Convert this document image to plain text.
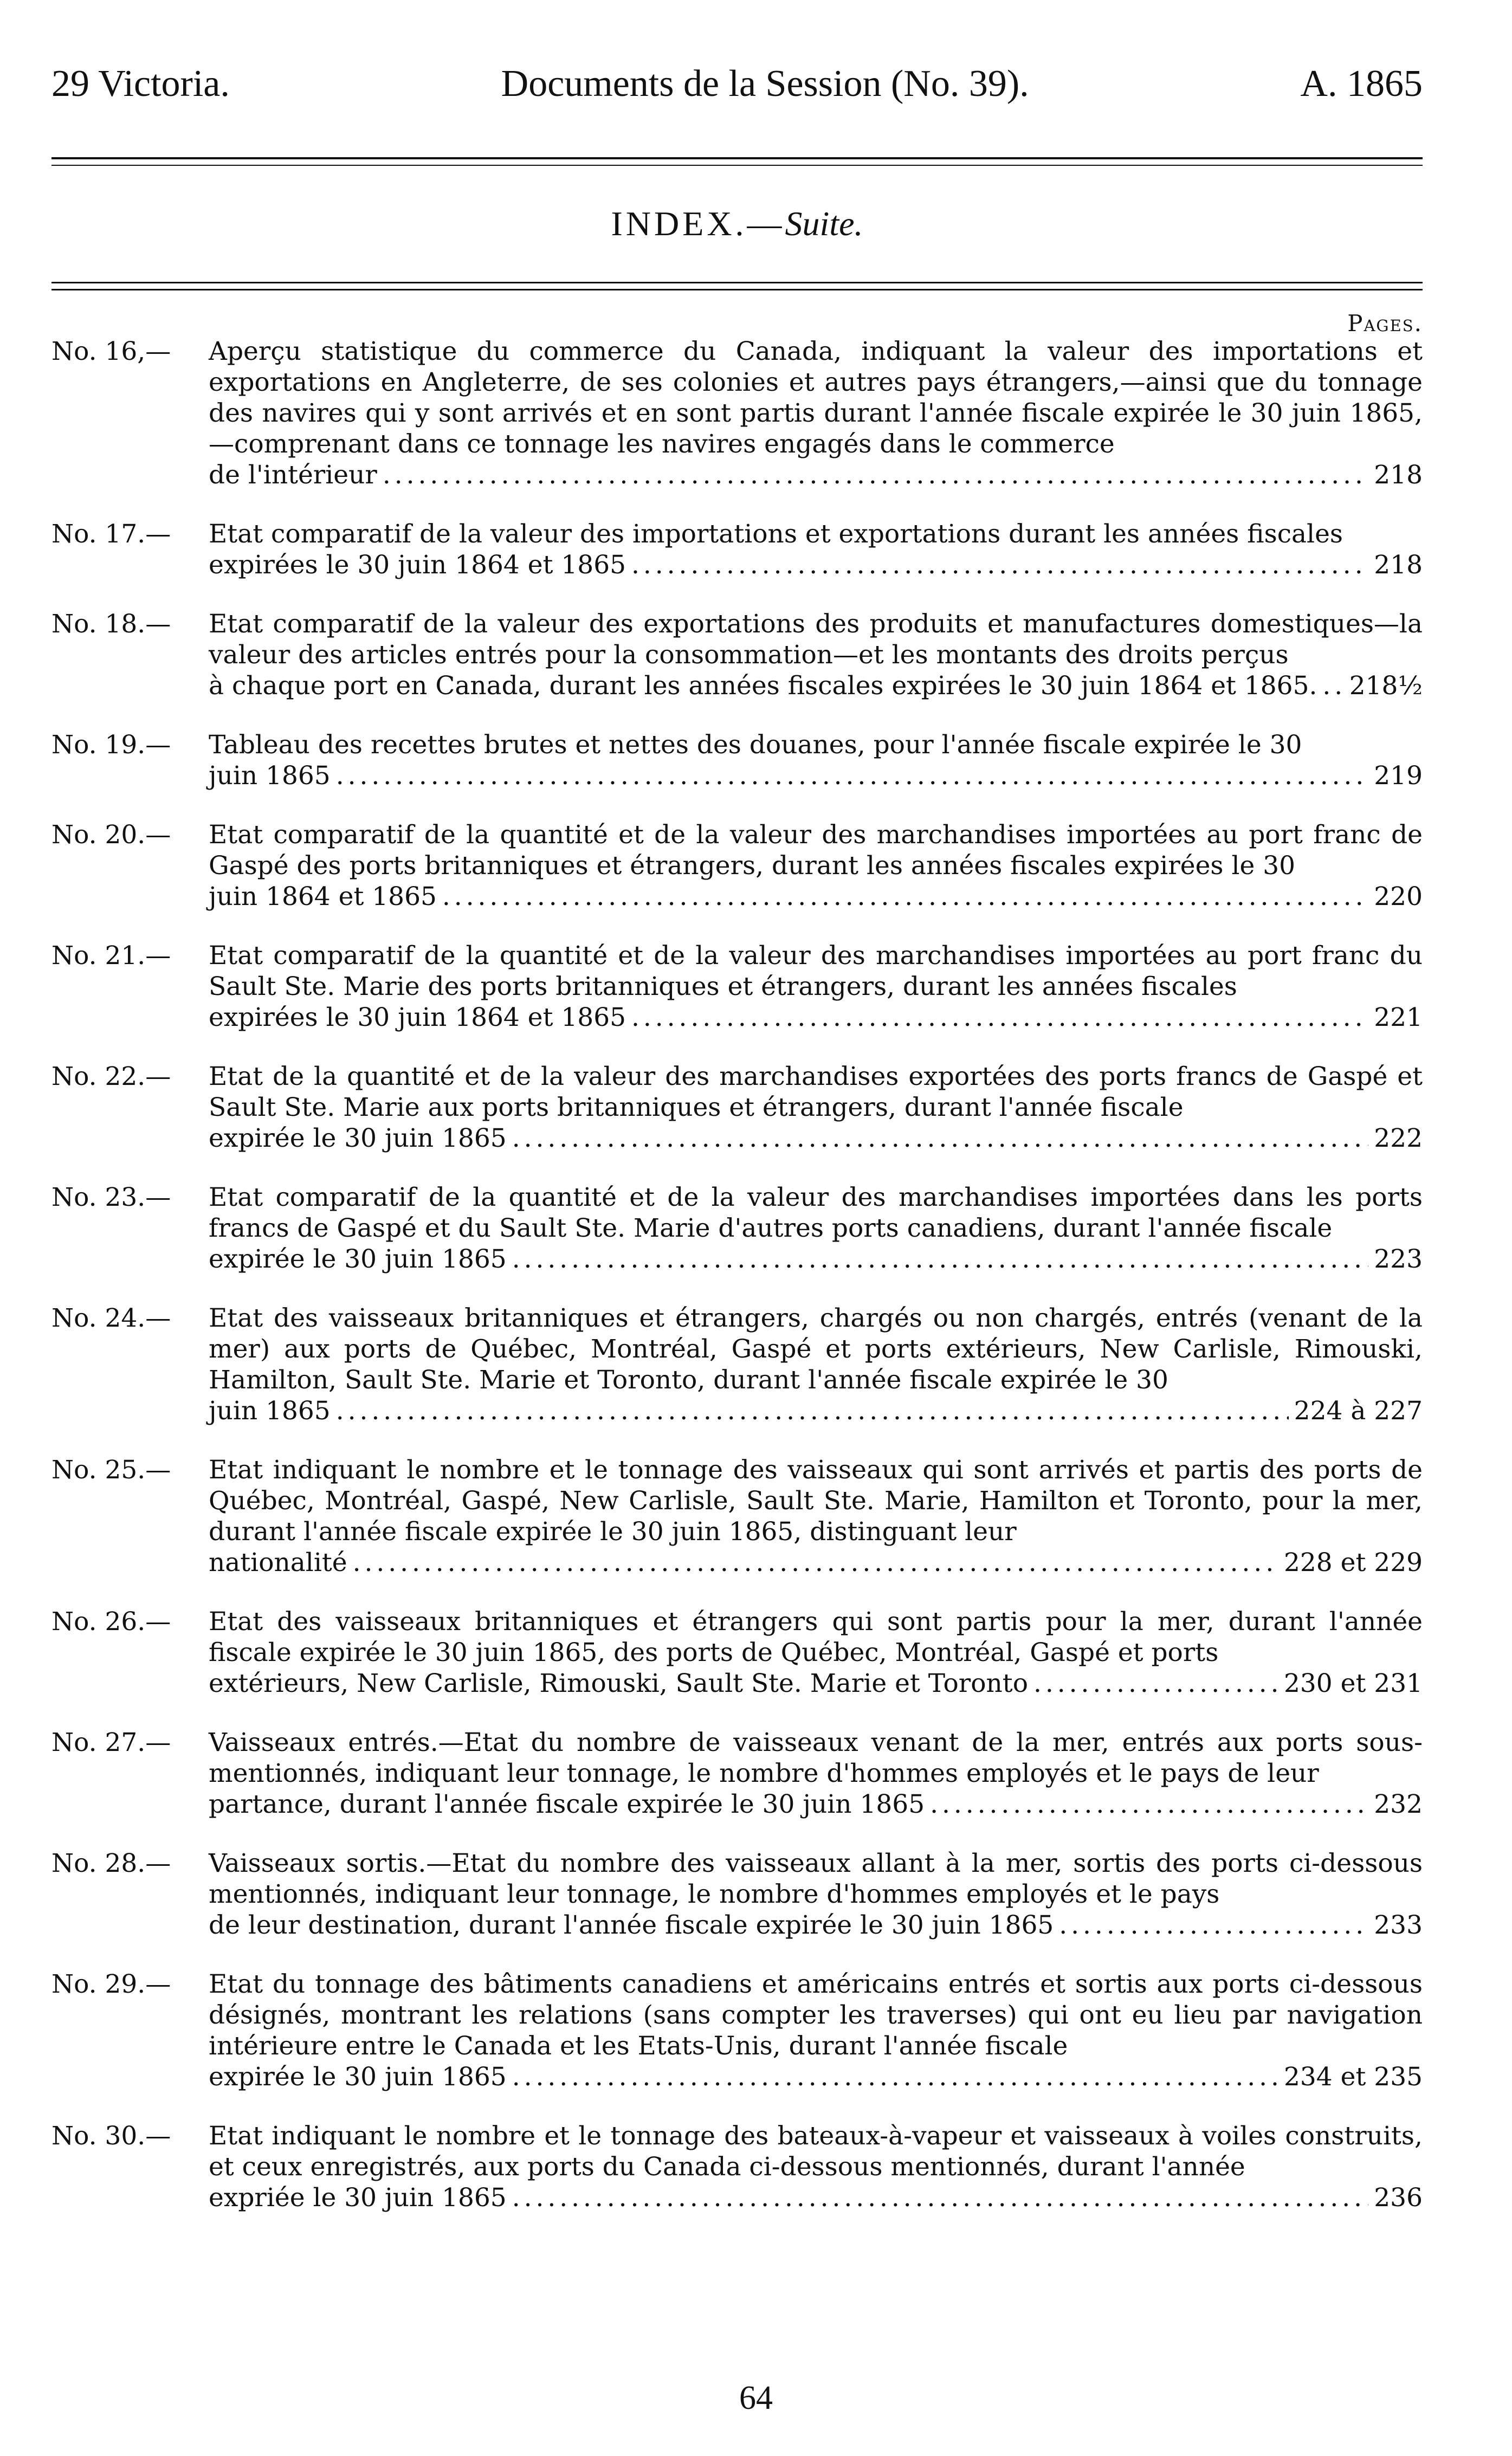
29 Victoria.	Documents de la Session (No. 39).	A. 1865
INDEX.—Suite.
Pages.
No. 16,— Aperçu statistique du commerce du Canada, indiquant la valeur des importations et exportations en Angleterre, de ses colonies et autres pays étrangers,—ainsi que du tonnage des navires qui y sont arrivés et en sont partis durant l'année fiscale expirée le 30 juin 1865,—comprenant dans ce tonnage les navires engagés dans le commerce
de l'intérieur . . .	218
No. 17.— Etat comparatif de la valeur des importations et exportations durant les années fiscales
expirées le 30 juin 1864 et 1865 . . .	218
No. 18.— Etat comparatif de la valeur des exportations des produits et manufactures domestiques—la valeur des articles entrés pour la consommation—et les montants des droits perçus
à chaque port en Canada, durant les années fiscales expirées le 30 juin 1864 et 1865. . . . 218½
No. 19.— Tableau des recettes brutes et nettes des douanes, pour l'année fiscale expirée le 30
juin 1865 . . .	219
No. 20.— Etat comparatif de la quantité et de la valeur des marchandises importées au port franc de Gaspé des ports britanniques et étrangers, durant les années fiscales expirées le 30
juin 1864 et 1865 . . .	220
No. 21.— Etat comparatif de la quantité et de la valeur des marchandises importées au port franc du Sault Ste. Marie des ports britanniques et étrangers, durant les années fiscales
expirées le 30 juin 1864 et 1865 . . .	221
No. 22.— Etat de la quantité et de la valeur des marchandises exportées des ports francs de Gaspé et Sault Ste. Marie aux ports britanniques et étrangers, durant l'année fiscale
expirée le 30 juin 1865 . . .	222
No. 23.— Etat comparatif de la quantité et de la valeur des marchandises importées dans les ports francs de Gaspé et du Sault Ste. Marie d'autres ports canadiens, durant l'année fiscale
expirée le 30 juin 1865 . . .	223
No. 24.— Etat des vaisseaux britanniques et étrangers, chargés ou non chargés, entrés (venant de la mer) aux ports de Québec, Montréal, Gaspé et ports extérieurs, New Carlisle, Rimouski, Hamilton, Sault Ste. Marie et Toronto, durant l'année fiscale expirée le 30
juin 1865 . . .	224 à 227
No. 25.— Etat indiquant le nombre et le tonnage des vaisseaux qui sont arrivés et partis des ports de Québec, Montréal, Gaspé, New Carlisle, Sault Ste. Marie, Hamilton et Toronto, pour la mer, durant l'année fiscale expirée le 30 juin 1865, distinguant leur
nationalité . . .	228 et 229
No. 26.— Etat des vaisseaux britanniques et étrangers qui sont partis pour la mer, durant l'année fiscale expirée le 30 juin 1865, des ports de Québec, Montréal, Gaspé et ports
extérieurs, New Carlisle, Rimouski, Sault Ste. Marie et Toronto . . .	230 et 231
No. 27.— Vaisseaux entrés.—Etat du nombre de vaisseaux venant de la mer, entrés aux ports sous-mentionnés, indiquant leur tonnage, le nombre d'hommes employés et le pays de leur
partance, durant l'année fiscale expirée le 30 juin 1865 . . .	232
No. 28.— Vaisseaux sortis.—Etat du nombre des vaisseaux allant à la mer, sortis des ports ci-dessous mentionnés, indiquant leur tonnage, le nombre d'hommes employés et le pays
de leur destination, durant l'année fiscale expirée le 30 juin 1865 . . .	233
No. 29.— Etat du tonnage des bâtiments canadiens et américains entrés et sortis aux ports ci-dessous désignés, montrant les relations (sans compter les traverses) qui ont eu lieu par navigation intérieure entre le Canada et les Etats-Unis, durant l'année fiscale
expirée le 30 juin 1865 . . .	234 et 235
No. 30.— Etat indiquant le nombre et le tonnage des bateaux-à-vapeur et vaisseaux à voiles construits, et ceux enregistrés, aux ports du Canada ci-dessous mentionnés, durant l'année
expriée le 30 juin 1865 . . .	236
64
